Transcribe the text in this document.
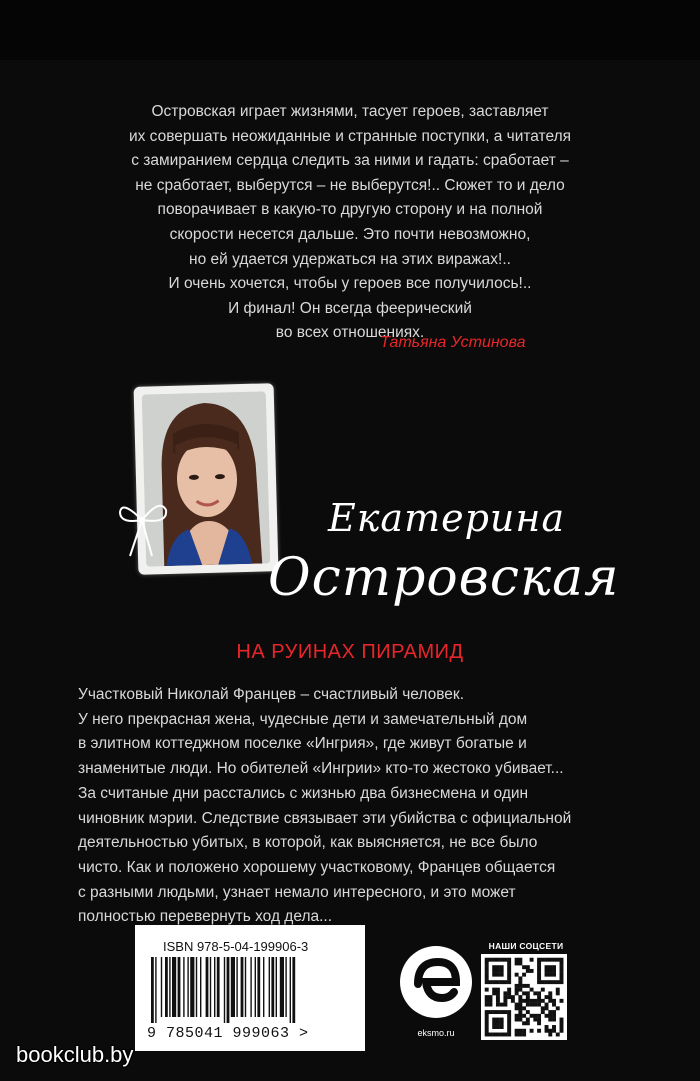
Островская играет жизнями, тасует героев, заставляет
их совершать неожиданные и странные поступки, а читателя
с замиранием сердца следить за ними и гадать: сработает –
не сработает, выберутся – не выберутся!.. Сюжет то и дело
поворачивает в какую-то другую сторону и на полной
скорости несется дальше. Это почти невозможно,
но ей удается удержаться на этих виражах!..
И очень хочется, чтобы у героев все получилось!..
И финал! Он всегда феерический
во всех отношениях.
Татьяна Устинова
Екатерина
Островская
НА РУИНАХ ПИРАМИД
Участковый Николай Францев – счастливый человек.
У него прекрасная жена, чудесные дети и замечательный дом
в элитном коттеджном поселке «Ингрия», где живут богатые и
знаменитые люди. Но обителей «Ингрии» кто-то жестоко убивает...
За считаные дни расстались с жизнью два бизнесмена и один
чиновник мэрии. Следствие связывает эти убийства с официальной
деятельностью убитых, в которой, как выясняется, не все было
чисто. Как и положено хорошему участковому, Францев общается
с разными людьми, узнает немало интересного, и это может
полностью перевернуть ход дела...
ISBN 978-5-04-199906-3
9 785041 999063 >	eksmo.ru
НАШИ СОЦСЕТИ
bookclub.by
